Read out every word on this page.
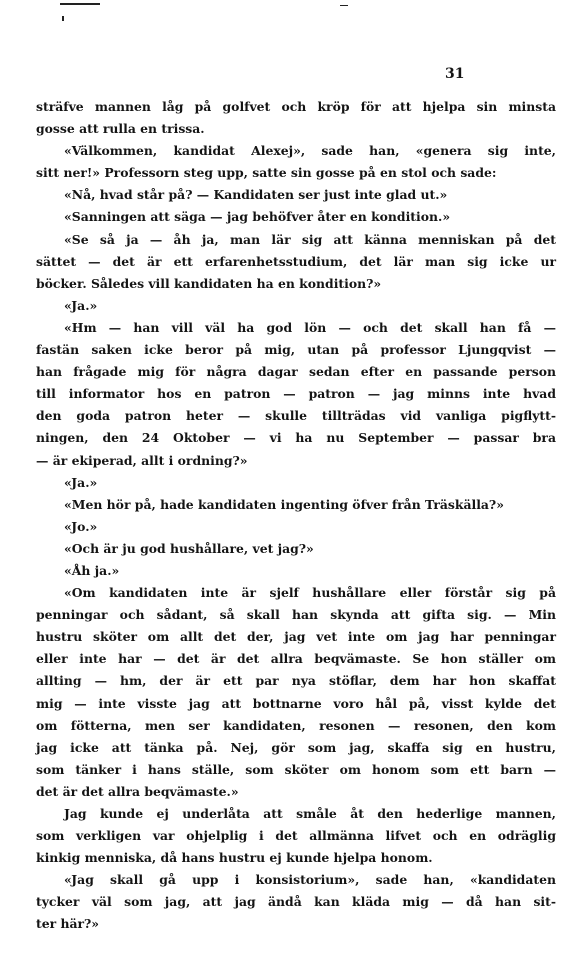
31
sträfve mannen låg på golfvet och kröp för att hjelpa sin minsta
gosse att rulla en trissa.
«Välkommen, kandidat Alexej», sade han, «genera sig inte,
sitt ner!» Professorn steg upp, satte sin gosse på en stol och sade:
«Nå, hvad står på? — Kandidaten ser just inte glad ut.»
«Sanningen att säga — jag behöfver åter en kondition.»
«Se så ja — åh ja, man lär sig att känna menniskan på det
sättet — det är ett erfarenhetsstudium, det lär man sig icke ur
böcker. Således vill kandidaten ha en kondition?»
«Ja.»
«Hm — han vill väl ha god lön — och det skall han få —
fastän saken icke beror på mig, utan på professor Ljungqvist —
han frågade mig för några dagar sedan efter en passande person
till informator hos en patron — patron — jag minns inte hvad
den goda patron heter — skulle tillträdas vid vanliga pigflytt-
ningen, den 24 Oktober — vi ha nu September — passar bra
— är ekiperad, allt i ordning?»
«Ja.»
«Men hör på, hade kandidaten ingenting öfver från Träskälla?»
«Jo.»
«Och är ju god hushållare, vet jag?»
«Åh ja.»
«Om kandidaten inte är sjelf hushållare eller förstår sig på
penningar och sådant, så skall han skynda att gifta sig. — Min
hustru sköter om allt det der, jag vet inte om jag har penningar
eller inte har — det är det allra beqvämaste. Se hon ställer om
allting — hm, der är ett par nya stöflar, dem har hon skaffat
mig — inte visste jag att bottnarne voro hål på, visst kylde det
om fötterna, men ser kandidaten, resonen — resonen, den kom
jag icke att tänka på. Nej, gör som jag, skaffa sig en hustru,
som tänker i hans ställe, som sköter om honom som ett barn —
det är det allra beqvämaste.»
Jag kunde ej underlåta att småle åt den hederlige mannen,
som verkligen var ohjelplig i det allmänna lifvet och en odräglig
kinkig menniska, då hans hustru ej kunde hjelpa honom.
«Jag skall gå upp i konsistorium», sade han, «kandidaten
tycker väl som jag, att jag ändå kan kläda mig — då han sit-
ter här?»
